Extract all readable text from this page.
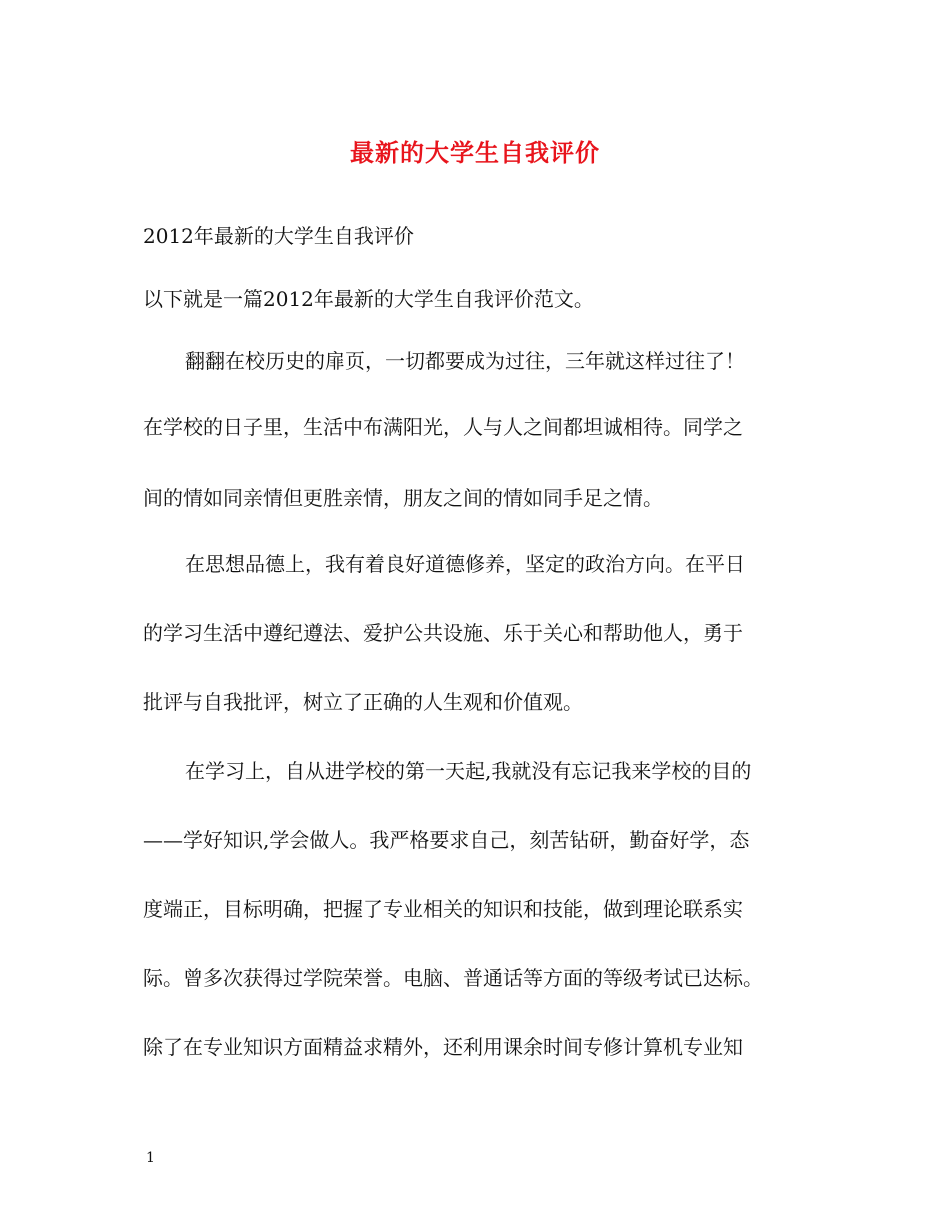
最新的大学生自我评价
2012年最新的大学生自我评价
以下就是一篇2012年最新的大学生自我评价范文。
翻翻在校历史的扉页，一切都要成为过往，三年就这样过往了！
在学校的日子里，生活中布满阳光，人与人之间都坦诚相待。同学之
间的情如同亲情但更胜亲情，朋友之间的情如同手足之情。
在思想品德上，我有着良好道德修养，坚定的政治方向。在平日
的学习生活中遵纪遵法、爱护公共设施、乐于关心和帮助他人，勇于
批评与自我批评，树立了正确的人生观和价值观。
在学习上，自从进学校的第一天起,我就没有忘记我来学校的目的
——学好知识,学会做人。我严格要求自己，刻苦钻研，勤奋好学，态
度端正，目标明确，把握了专业相关的知识和技能，做到理论联系实
际。曾多次获得过学院荣誉。电脑、普通话等方面的等级考试已达标。
除了在专业知识方面精益求精外，还利用课余时间专修计算机专业知
1
